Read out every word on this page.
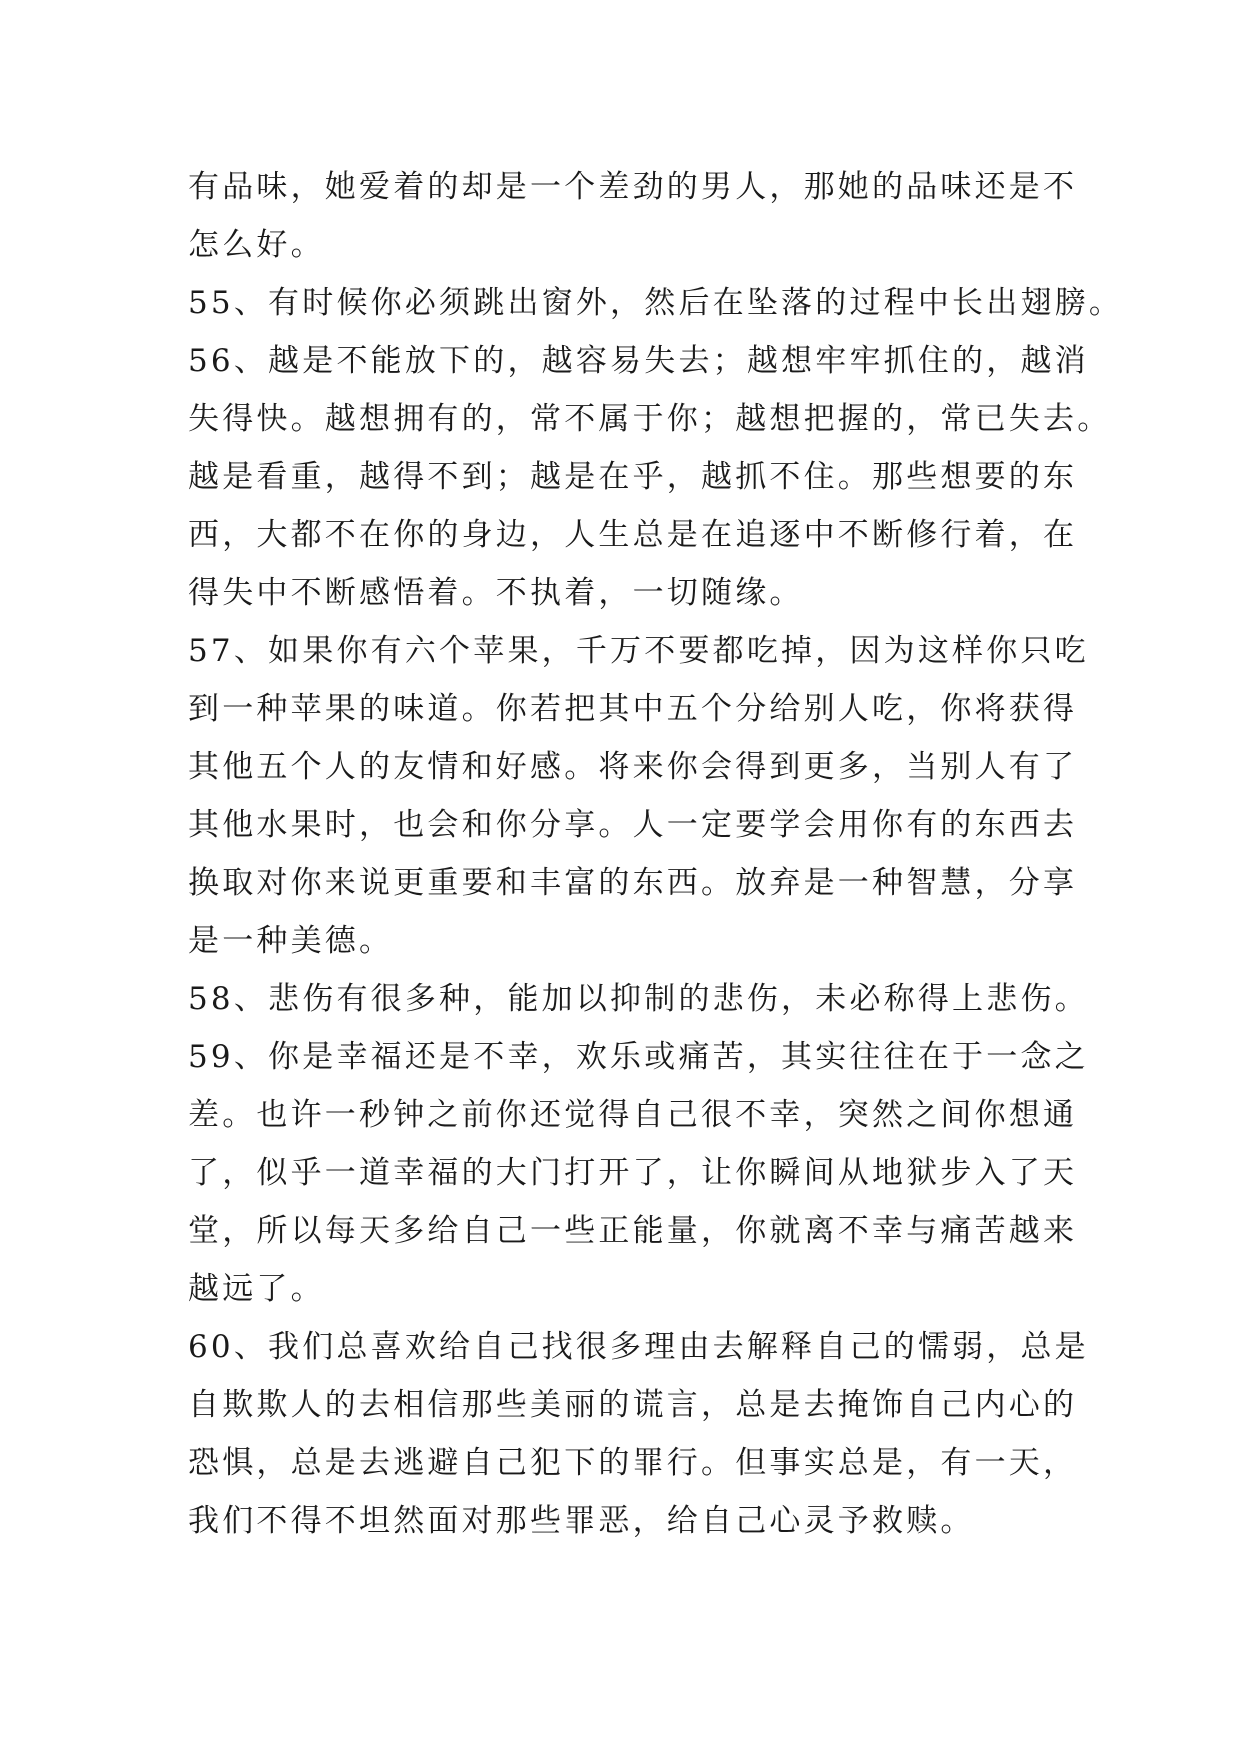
有品味，她爱着的却是一个差劲的男人，那她的品味还是不
怎么好。
55、有时候你必须跳出窗外，然后在坠落的过程中长出翅膀。
56、越是不能放下的，越容易失去；越想牢牢抓住的，越消
失得快。越想拥有的，常不属于你；越想把握的，常已失去。
越是看重，越得不到；越是在乎，越抓不住。那些想要的东
西，大都不在你的身边，人生总是在追逐中不断修行着，在
得失中不断感悟着。不执着，一切随缘。
57、如果你有六个苹果，千万不要都吃掉，因为这样你只吃
到一种苹果的味道。你若把其中五个分给别人吃，你将获得
其他五个人的友情和好感。将来你会得到更多，当别人有了
其他水果时，也会和你分享。人一定要学会用你有的东西去
换取对你来说更重要和丰富的东西。放弃是一种智慧，分享
是一种美德。
58、悲伤有很多种，能加以抑制的悲伤，未必称得上悲伤。
59、你是幸福还是不幸，欢乐或痛苦，其实往往在于一念之
差。也许一秒钟之前你还觉得自己很不幸，突然之间你想通
了，似乎一道幸福的大门打开了，让你瞬间从地狱步入了天
堂，所以每天多给自己一些正能量，你就离不幸与痛苦越来
越远了。
60、我们总喜欢给自己找很多理由去解释自己的懦弱，总是
自欺欺人的去相信那些美丽的谎言，总是去掩饰自己内心的
恐惧，总是去逃避自己犯下的罪行。但事实总是，有一天，
我们不得不坦然面对那些罪恶，给自己心灵予救赎。
